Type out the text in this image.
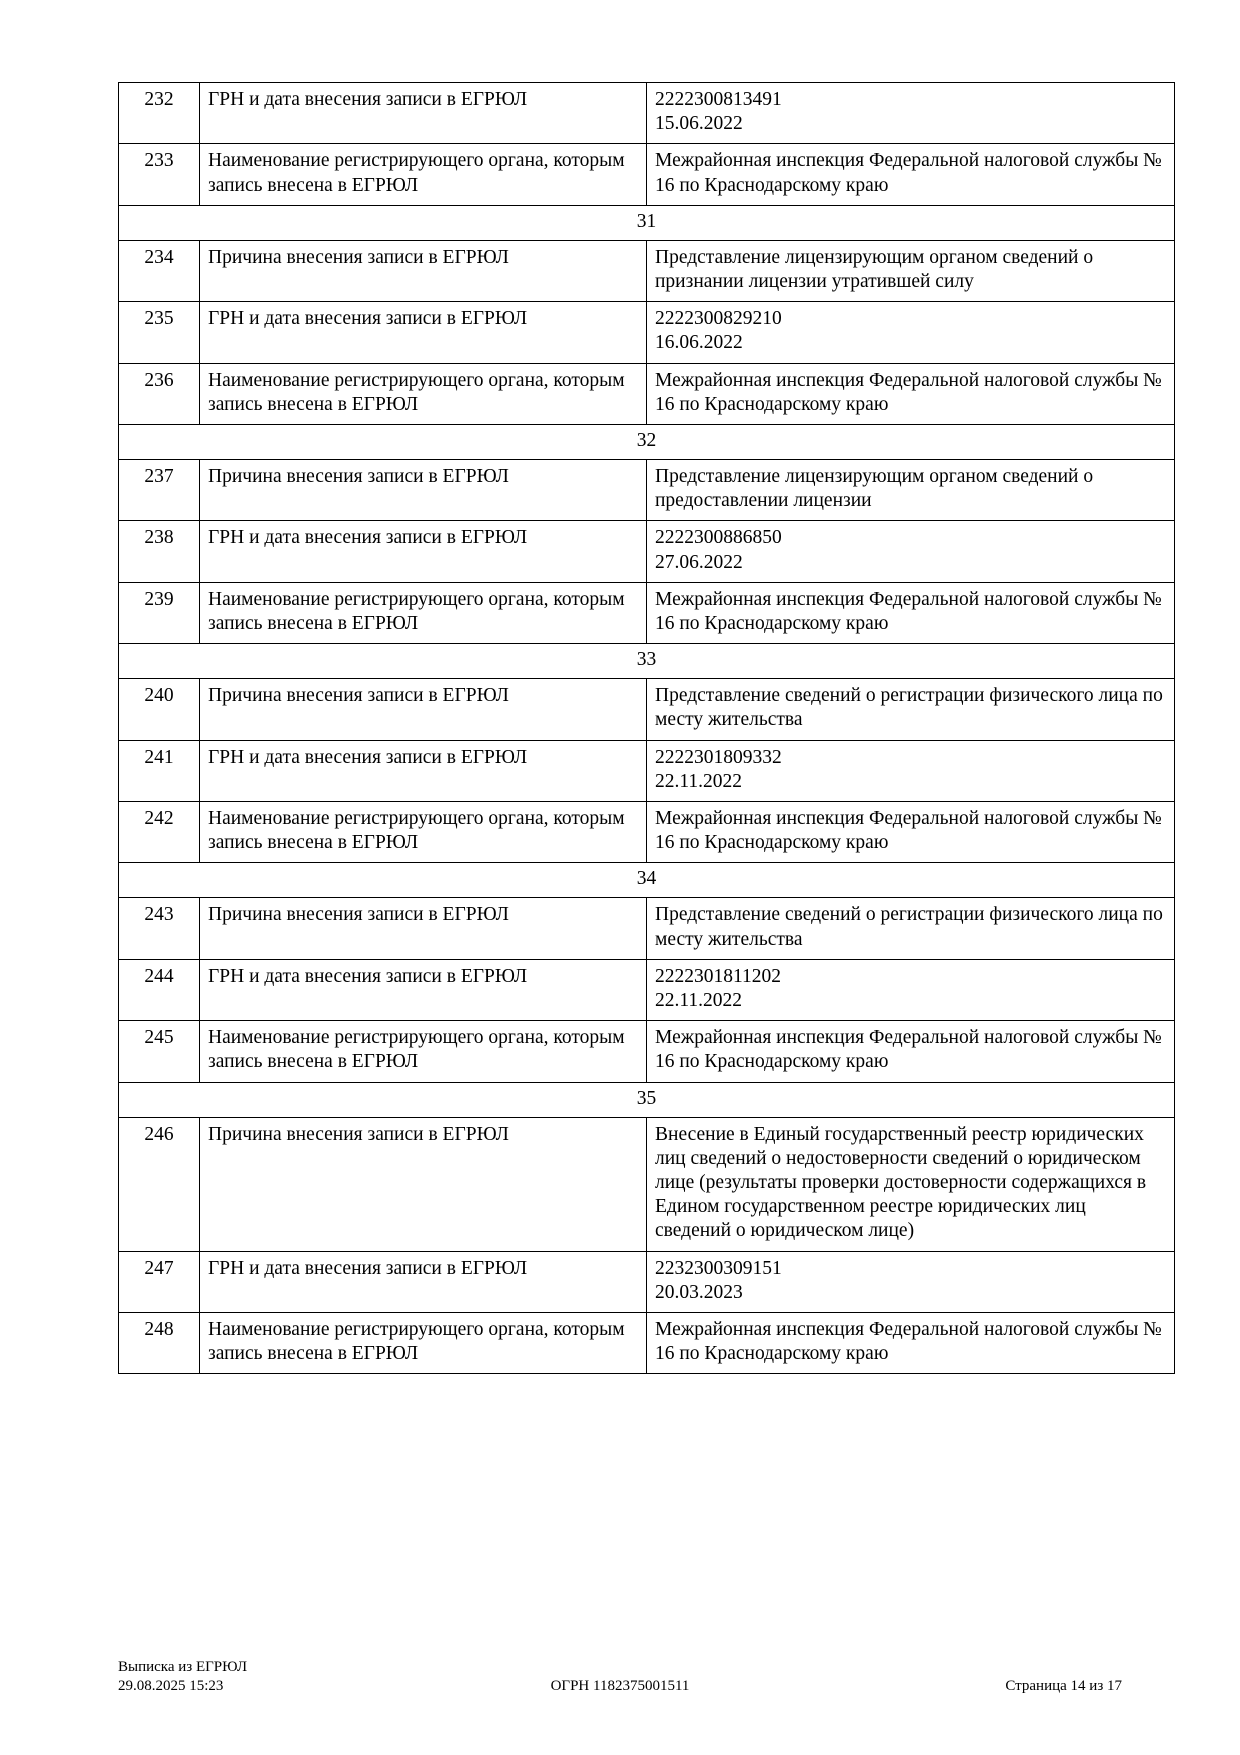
232	ГРН и дата внесения записи в ЕГРЮЛ	2222300813491
15.06.2022

233	Наименование регистрирующего органа, которым запись внесена в ЕГРЮЛ	Межрайонная инспекция Федеральной налоговой службы № 16 по Краснодарскому краю

31		
234	Причина внесения записи в ЕГРЮЛ	Представление лицензирующим органом сведений о признании лицензии утратившей силу

235	ГРН и дата внесения записи в ЕГРЮЛ	2222300829210
16.06.2022

236	Наименование регистрирующего органа, которым запись внесена в ЕГРЮЛ	Межрайонная инспекция Федеральной налоговой службы № 16 по Краснодарскому краю

32		
237	Причина внесения записи в ЕГРЮЛ	Представление лицензирующим органом сведений о предоставлении лицензии

238	ГРН и дата внесения записи в ЕГРЮЛ	2222300886850
27.06.2022

239	Наименование регистрирующего органа, которым запись внесена в ЕГРЮЛ	Межрайонная инспекция Федеральной налоговой службы № 16 по Краснодарскому краю

33		
240	Причина внесения записи в ЕГРЮЛ	Представление сведений о регистрации физического лица по месту жительства

241	ГРН и дата внесения записи в ЕГРЮЛ	2222301809332
22.11.2022

242	Наименование регистрирующего органа, которым запись внесена в ЕГРЮЛ	Межрайонная инспекция Федеральной налоговой службы № 16 по Краснодарскому краю

34		
243	Причина внесения записи в ЕГРЮЛ	Представление сведений о регистрации физического лица по месту жительства

244	ГРН и дата внесения записи в ЕГРЮЛ	2222301811202
22.11.2022

245	Наименование регистрирующего органа, которым запись внесена в ЕГРЮЛ	Межрайонная инспекция Федеральной налоговой службы № 16 по Краснодарскому краю

35		
246	Причина внесения записи в ЕГРЮЛ	Внесение в Единый государственный реестр юридических лиц сведений о недостоверности сведений о юридическом лице (результаты проверки достоверности содержащихся в Едином государственном реестре юридических лиц сведений о юридическом лице)

247	ГРН и дата внесения записи в ЕГРЮЛ	2232300309151
20.03.2023

248	Наименование регистрирующего органа, которым запись внесена в ЕГРЮЛ	Межрайонная инспекция Федеральной налоговой службы № 16 по Краснодарскому краю
Выписка из ЕГРЮЛ
29.08.2025 15:23	ОГРН 1182375001511	Страница 14 из 17
